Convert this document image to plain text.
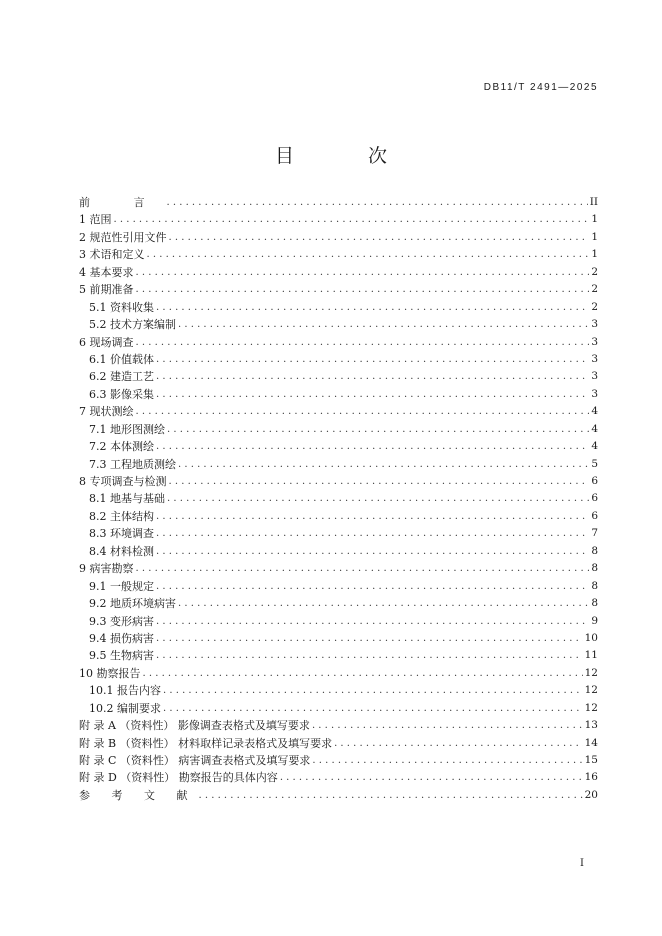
DB11/T 2491—2025
目 次
前 言 . . .	II
1 范围 . . .	1
2 规范性引用文件 . . .	1
3 术语和定义 . . .	1
4 基本要求 . . .	2
5 前期准备 . . .	2
5.1 资料收集 . . .	2
5.2 技术方案编制 . . .	3
6 现场调查 . . .	3
6.1 价值载体 . . .	3
6.2 建造工艺 . . .	3
6.3 影像采集 . . .	3
7 现状测绘 . . .	4
7.1 地形图测绘 . . .	4
7.2 本体测绘 . . .	4
7.3 工程地质测绘 . . .	5
8 专项调查与检测 . . .	6
8.1 地基与基础 . . .	6
8.2 主体结构 . . .	6
8.3 环境调查 . . .	7
8.4 材料检测 . . .	8
9 病害勘察 . . .	8
9.1 一般规定 . . .	8
9.2 地质环境病害 . . .	8
9.3 变形病害 . . .	9
9.4 损伤病害 . . .	10
9.5 生物病害 . . .	11
10 勘察报告 . . .	12
10.1 报告内容 . . .	12
10.2 编制要求 . . .	12
附 录 A （资料性） 影像调查表格式及填写要求 . . .	13
附 录 B （资料性） 材料取样记录表格式及填写要求 . . .	14
附 录 C （资料性） 病害调查表格式及填写要求 . . .	15
附 录 D （资料性） 勘察报告的具体内容 . . .	16
参 考 文 献 . . .	20
I
